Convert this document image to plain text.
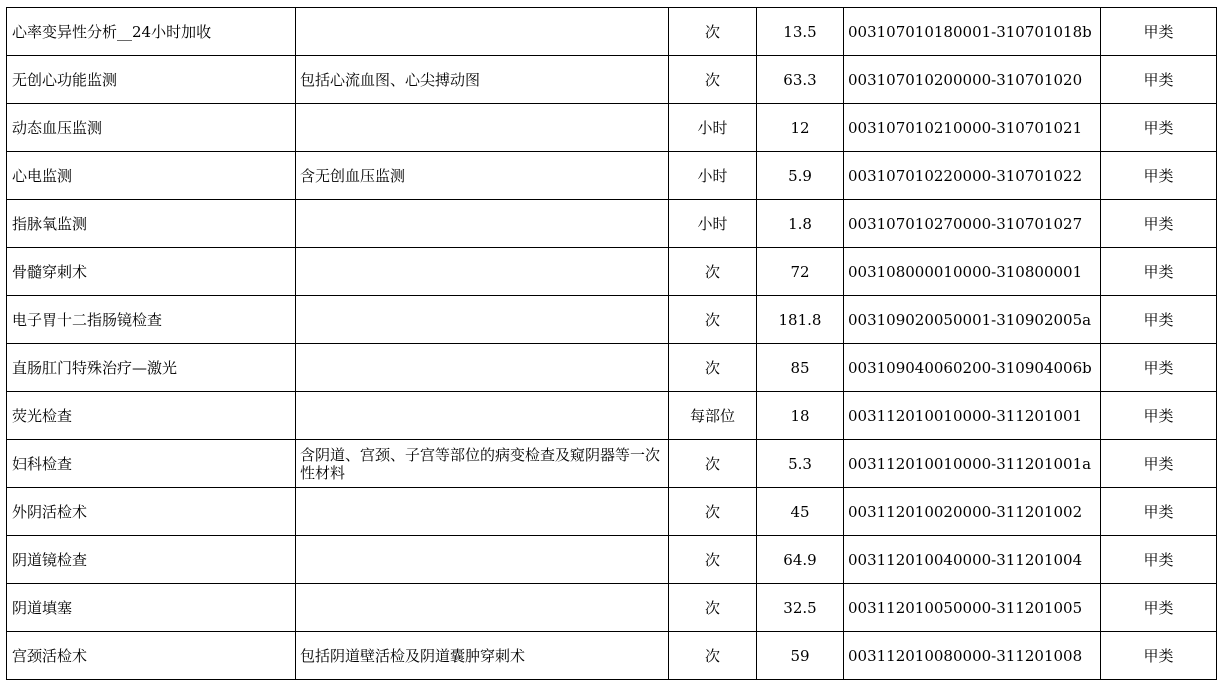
心率变异性分析__24小时加收		次	13.5	003107010180001-310701018b	甲类
无创心功能监测	包括心流血图、心尖搏动图	次	63.3	003107010200000-310701020	甲类
动态血压监测		小时	12	003107010210000-310701021	甲类
心电监测	含无创血压监测	小时	5.9	003107010220000-310701022	甲类
指脉氧监测		小时	1.8	003107010270000-310701027	甲类
骨髓穿刺术		次	72	003108000010000-310800001	甲类
电子胃十二指肠镜检查		次	181.8	003109020050001-310902005a	甲类
直肠肛门特殊治疗—激光		次	85	003109040060200-310904006b	甲类
荧光检查		每部位	18	003112010010000-311201001	甲类
妇科检查	含阴道、宫颈、子宫等部位的病变检查及窥阴器等一次性材料	次	5.3	003112010010000-311201001a	甲类
外阴活检术		次	45	003112010020000-311201002	甲类
阴道镜检查		次	64.9	003112010040000-311201004	甲类
阴道填塞		次	32.5	003112010050000-311201005	甲类
宫颈活检术	包括阴道壁活检及阴道囊肿穿刺术	次	59	003112010080000-311201008	甲类
